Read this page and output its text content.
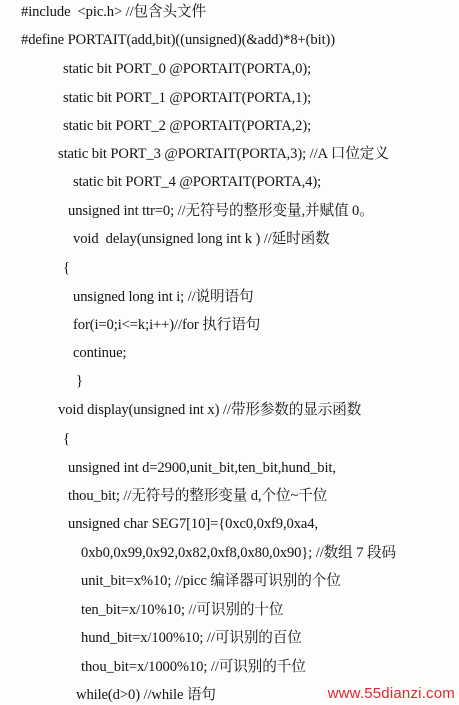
#include  <pic.h> //包含头文件
#define PORTAIT(add,bit)((unsigned)(&add)*8+(bit))
static bit PORT_0 @PORTAIT(PORTA,0);
static bit PORT_1 @PORTAIT(PORTA,1);
static bit PORT_2 @PORTAIT(PORTA,2);
static bit PORT_3 @PORTAIT(PORTA,3); //A 口位定义
static bit PORT_4 @PORTAIT(PORTA,4);
unsigned int ttr=0; //无符号的整形变量,并赋值 0。
void  delay(unsigned long int k ) //延时函数
{
unsigned long int i; //说明语句
for(i=0;i<=k;i++)//for 执行语句
continue;
}
void display(unsigned int x) //带形参数的显示函数
{
unsigned int d=2900,unit_bit,ten_bit,hund_bit,
thou_bit; //无符号的整形变量 d,个位~千位
unsigned char SEG7[10]={0xc0,0xf9,0xa4,
0xb0,0x99,0x92,0x82,0xf8,0x80,0x90}; //数组 7 段码
unit_bit=x%10; //picc 编译器可识别的个位
ten_bit=x/10%10; //可识别的十位
hund_bit=x/100%10; //可识别的百位
thou_bit=x/1000%10; //可识别的千位
while(d>0) //while 语句	www.55dianzi.com
